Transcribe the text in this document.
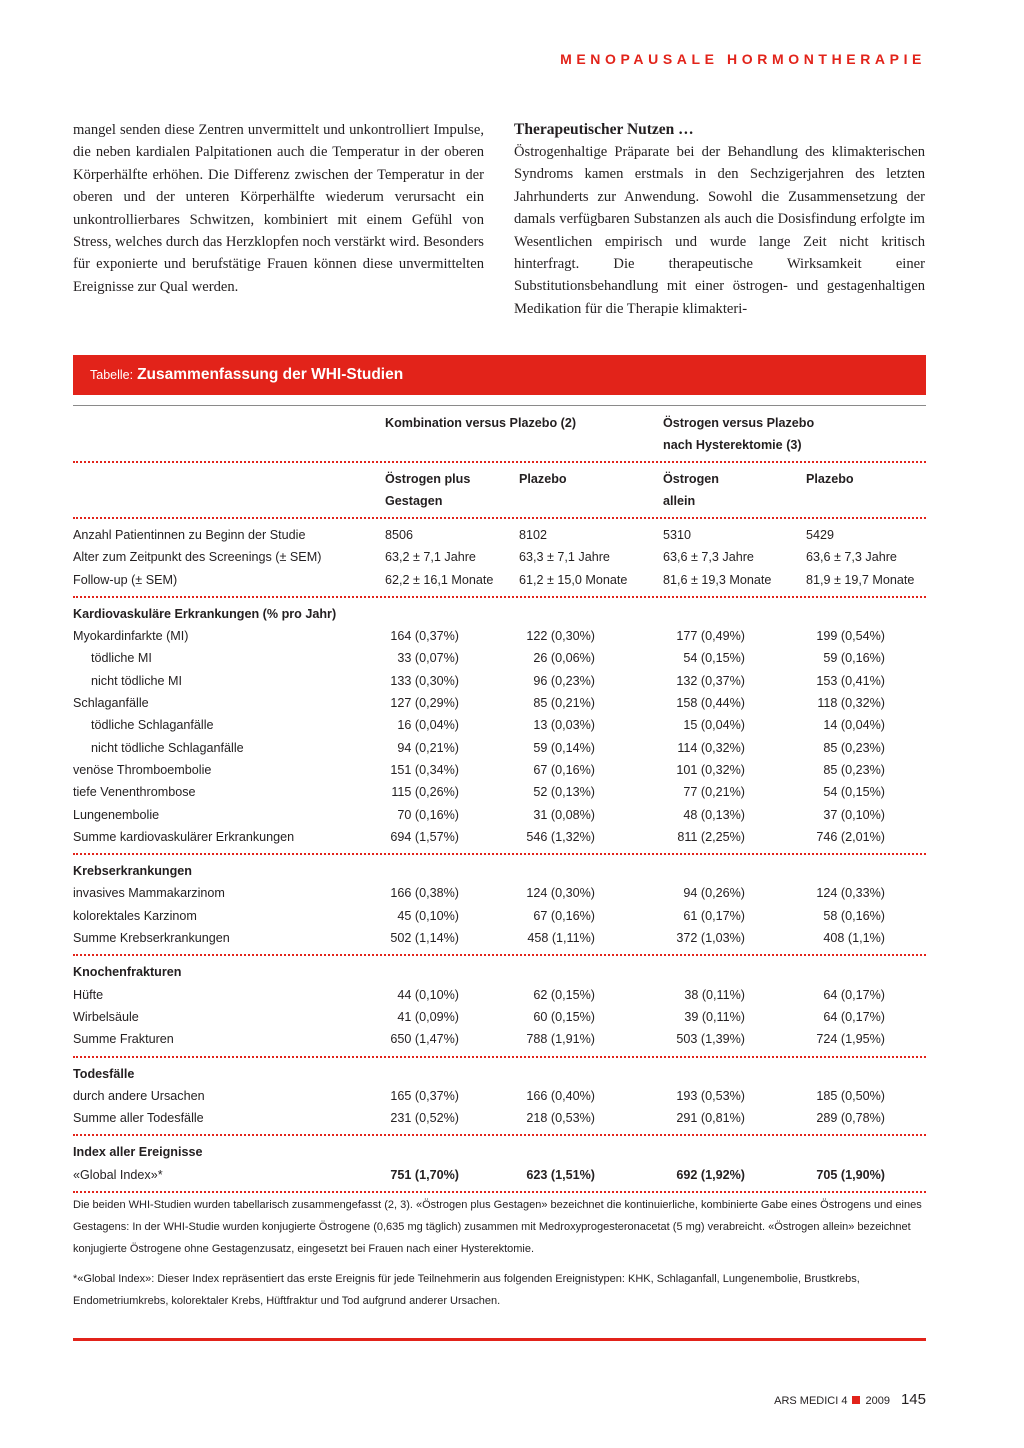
MENOPAUSALE HORMONTHERAPIE

mangel senden diese Zentren unvermittelt und unkontrolliert Impulse, die neben kardialen Palpitationen auch die Temperatur in der oberen Körperhälfte erhöhen. Die Differenz zwischen der Temperatur in der oberen und der unteren Körperhälfte wiederum verursacht ein unkontrollierbares Schwitzen, kombiniert mit einem Gefühl von Stress, welches durch das Herzklopfen noch verstärkt wird. Besonders für exponierte und berufstätige Frauen können diese unvermittelten Ereignisse zur Qual werden.

Therapeutischer Nutzen …

Östrogenhaltige Präparate bei der Behandlung des klimakterischen Syndroms kamen erstmals in den Sechzigerjahren des letzten Jahrhunderts zur Anwendung. Sowohl die Zusammensetzung der damals verfügbaren Substanzen als auch die Dosisfindung erfolgte im Wesentlichen empirisch und wurde lange Zeit nicht kritisch hinterfragt. Die therapeutische Wirksamkeit einer Substitutionsbehandlung mit einer östrogen- und gestagenhaltigen Medikation für die Therapie klimakteri-

Tabelle: Zusammenfassung der WHI-Studien
Kombination versus Plazebo (2)	Östrogen versus Plazebo
nach Hysterektomie (3)
Östrogen plus	Plazebo	Östrogen	Plazebo
Gestagen	allein
Anzahl Patientinnen zu Beginn der Studie	8506	8102	5310	5429
Alter zum Zeitpunkt des Screenings (± SEM)	63,2 ± 7,1 Jahre	63,3 ± 7,1 Jahre	63,6 ± 7,3 Jahre	63,6 ± 7,3 Jahre
Follow-up (± SEM)	62,2 ± 16,1 Monate 61,2 ± 15,0 Monate	81,6 ± 19,3 Monate	81,9 ± 19,7 Monate
Kardiovaskuläre Erkrankungen (% pro Jahr)
Myokardinfarkte (MI)	164 (0,37%)	122 (0,30%)	177 (0,49%)	199 (0,54%)
tödliche MI	33 (0,07%)	26 (0,06%)	54 (0,15%)	59 (0,16%)
nicht tödliche MI	133 (0,30%)	96 (0,23%)	132 (0,37%)	153 (0,41%)
Schlaganfälle	127 (0,29%)	85 (0,21%)	158 (0,44%)	118 (0,32%)
tödliche Schlaganfälle	16 (0,04%)	13 (0,03%)	15 (0,04%)	14 (0,04%)
nicht tödliche Schlaganfälle	94 (0,21%)	59 (0,14%)	114 (0,32%)	85 (0,23%)
venöse Thromboembolie	151 (0,34%)	67 (0,16%)	101 (0,32%)	85 (0,23%)
tiefe Venenthrombose	115 (0,26%)	52 (0,13%)	77 (0,21%)	54 (0,15%)
Lungenembolie	70 (0,16%)	31 (0,08%)	48 (0,13%)	37 (0,10%)
Summe kardiovaskulärer Erkrankungen	694 (1,57%)	546 (1,32%)	811 (2,25%)	746 (2,01%)
Krebserkrankungen
invasives Mammakarzinom	166 (0,38%)	124 (0,30%)	94 (0,26%)	124 (0,33%)
kolorektales Karzinom	45 (0,10%)	67 (0,16%)	61 (0,17%)	58 (0,16%)
Summe Krebserkrankungen	502 (1,14%)	458 (1,11%)	372 (1,03%)	408 (1,1%)
Knochenfrakturen
Hüfte	44 (0,10%)	62 (0,15%)	38 (0,11%)	64 (0,17%)
Wirbelsäule	41 (0,09%)	60 (0,15%)	39 (0,11%)	64 (0,17%)
Summe Frakturen	650 (1,47%)	788 (1,91%)	503 (1,39%)	724 (1,95%)
Todesfälle
durch andere Ursachen	165 (0,37%)	166 (0,40%)	193 (0,53%)	185 (0,50%)
Summe aller Todesfälle	231 (0,52%)	218 (0,53%)	291 (0,81%)	289 (0,78%)
Index aller Ereignisse
«Global Index»*	751 (1,70%)	623 (1,51%)	692 (1,92%)	705 (1,90%)

Die beiden WHI-Studien wurden tabellarisch zusammengefasst (2, 3). «Östrogen plus Gestagen» bezeichnet die kontinuierliche, kombinierte Gabe eines Östrogens und eines Gestagens: In der WHI-Studie wurden konjugierte Östrogene (0,635 mg täglich) zusammen mit Medroxyprogesteronacetat (5 mg) verabreicht. «Östrogen allein» bezeichnet konjugierte Östrogene ohne Gestagenzusatz, eingesetzt bei Frauen nach einer Hysterektomie.

*«Global Index»: Dieser Index repräsentiert das erste Ereignis für jede Teilnehmerin aus folgenden Ereignistypen: KHK, Schlaganfall, Lungenembolie, Brustkrebs, Endometriumkrebs, kolorektaler Krebs, Hüftfraktur und Tod aufgrund anderer Ursachen.

ARS MEDICI 4 2009 145
